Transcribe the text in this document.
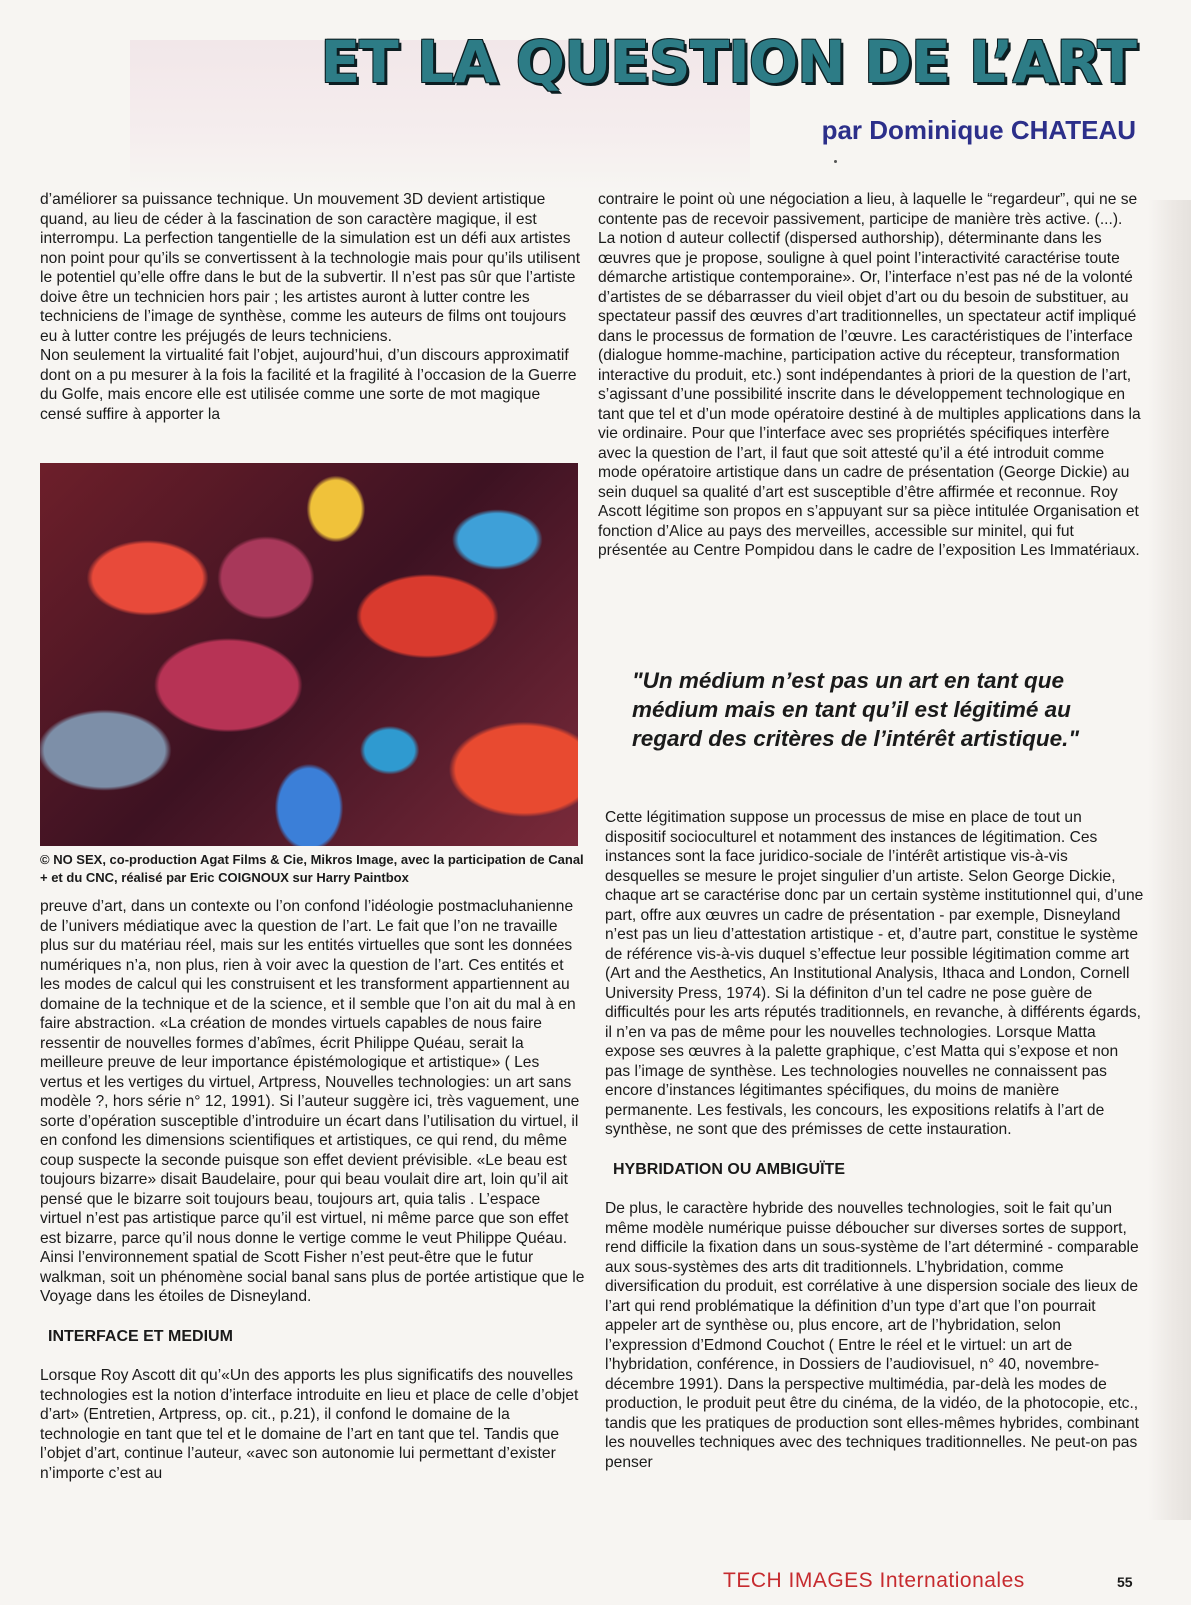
ET LA QUESTION DE L’ART
par Dominique CHATEAU

d’améliorer sa puissance technique. Un mouvement 3D devient artistique quand, au lieu de céder à la fascination de son caractère magique, il est interrompu. La perfection tangentielle de la simulation est un défi aux artistes non point pour qu’ils se convertissent à la technologie mais pour qu’ils utilisent le potentiel qu’elle offre dans le but de la subvertir. Il n’est pas sûr que l’artiste doive être un technicien hors pair ; les artistes auront à lutter contre les techniciens de l’image de synthèse, comme les auteurs de films ont toujours eu à lutter contre les préjugés de leurs techniciens.

Non seulement la virtualité fait l’objet, aujourd’hui, d’un discours approximatif dont on a pu mesurer à la fois la facilité et la fragilité à l’occasion de la Guerre du Golfe, mais encore elle est utilisée comme une sorte de mot magique censé suffire à apporter la

© NO SEX, co-production Agat Films & Cie, Mikros Image, avec la participation de Canal + et du CNC, réalisé par Eric COIGNOUX sur Harry Paintbox

preuve d’art, dans un contexte ou l’on confond l’idéologie postmacluhanienne de l’univers médiatique avec la question de l’art. Le fait que l’on ne travaille plus sur du matériau réel, mais sur les entités virtuelles que sont les données numériques n’a, non plus, rien à voir avec la question de l’art. Ces entités et les modes de calcul qui les construisent et les transforment appartiennent au domaine de la technique et de la science, et il semble que l’on ait du mal à en faire abstraction. «La création de mondes virtuels capables de nous faire ressentir de nouvelles formes d’abîmes, écrit Philippe Quéau, serait la meilleure preuve de leur importance épistémologique et artistique» ( Les vertus et les vertiges du virtuel, Artpress, Nouvelles technologies: un art sans modèle ?, hors série n° 12, 1991). Si l’auteur suggère ici, très vaguement, une sorte d’opération susceptible d’introduire un écart dans l’utilisation du virtuel, il en confond les dimensions scientifiques et artistiques, ce qui rend, du même coup suspecte la seconde puisque son effet devient prévisible. «Le beau est toujours bizarre» disait Baudelaire, pour qui beau voulait dire art, loin qu’il ait pensé que le bizarre soit toujours beau, toujours art, quia talis . L’espace virtuel n’est pas artistique parce qu’il est virtuel, ni même parce que son effet est bizarre, parce qu’il nous donne le vertige comme le veut Philippe Quéau. Ainsi l’environnement spatial de Scott Fisher n’est peut-être que le futur walkman, soit un phénomène social banal sans plus de portée artistique que le Voyage dans les étoiles de Disneyland.

INTERFACE ET MEDIUM

Lorsque Roy Ascott dit qu’«Un des apports les plus significatifs des nouvelles technologies est la notion d’interface introduite en lieu et place de celle d’objet d’art» (Entretien, Artpress, op. cit., p.21), il confond le domaine de la technologie en tant que tel et le domaine de l’art en tant que tel. Tandis que l’objet d’art, continue l’auteur, «avec son autonomie lui permettant d’exister n’importe c’est au

contraire le point où une négociation a lieu, à laquelle le “regardeur”, qui ne se contente pas de recevoir passivement, participe de manière très active. (...). La notion d auteur collectif (dispersed authorship), déterminante dans les œuvres que je propose, souligne à quel point l’interactivité caractérise toute démarche artistique contemporaine». Or, l’interface n’est pas né de la volonté d’artistes de se débarrasser du vieil objet d’art ou du besoin de substituer, au spectateur passif des œuvres d’art traditionnelles, un spectateur actif impliqué dans le processus de formation de l’œuvre. Les caractéristiques de l’interface (dialogue homme-machine, participation active du récepteur, transformation interactive du produit, etc.) sont indépendantes à priori de la question de l’art, s’agissant d’une possibilité inscrite dans le développement technologique en tant que tel et d’un mode opératoire destiné à de multiples applications dans la vie ordinaire. Pour que l’interface avec ses propriétés spécifiques interfère avec la question de l’art, il faut que soit attesté qu’il a été introduit comme mode opératoire artistique dans un cadre de présentation (George Dickie) au sein duquel sa qualité d’art est susceptible d’être affirmée et reconnue. Roy Ascott légitime son propos en s’appuyant sur sa pièce intitulée Organisation et fonction d’Alice au pays des merveilles, accessible sur minitel, qui fut présentée au Centre Pompidou dans le cadre de l’exposition Les Immatériaux.

"Un médium n’est pas un art en tant que médium mais en tant qu’il est légitimé au regard des critères de l’intérêt artistique."

Cette légitimation suppose un processus de mise en place de tout un dispositif socioculturel et notamment des instances de légitimation. Ces instances sont la face juridico-sociale de l’intérêt artistique vis-à-vis desquelles se mesure le projet singulier d’un artiste. Selon George Dickie, chaque art se caractérise donc par un certain système institutionnel qui, d’une part, offre aux œuvres un cadre de présentation - par exemple, Disneyland n’est pas un lieu d’attestation artistique - et, d’autre part, constitue le système de référence vis-à-vis duquel s’effectue leur possible légitimation comme art (Art and the Aesthetics, An Institutional Analysis, Ithaca and London, Cornell University Press, 1974). Si la définiton d’un tel cadre ne pose guère de difficultés pour les arts réputés traditionnels, en revanche, à différents égards, il n’en va pas de même pour les nouvelles technologies. Lorsque Matta expose ses œuvres à la palette graphique, c’est Matta qui s’expose et non pas l’image de synthèse. Les technologies nouvelles ne connaissent pas encore d’instances légitimantes spécifiques, du moins de manière permanente. Les festivals, les concours, les expositions relatifs à l’art de synthèse, ne sont que des prémisses de cette instauration.

HYBRIDATION OU AMBIGUÏTE

De plus, le caractère hybride des nouvelles technologies, soit le fait qu’un même modèle numérique puisse déboucher sur diverses sortes de support, rend difficile la fixation dans un sous-système de l’art déterminé - comparable aux sous-systèmes des arts dit traditionnels. L’hybridation, comme diversification du produit, est corrélative à une dispersion sociale des lieux de l’art qui rend problématique la définition d’un type d’art que l’on pourrait appeler art de synthèse ou, plus encore, art de l’hybridation, selon l’expression d’Edmond Couchot ( Entre le réel et le virtuel: un art de l’hybridation, conférence, in Dossiers de l’audiovisuel, n° 40, novembre-décembre 1991). Dans la perspective multimédia, par-delà les modes de production, le produit peut être du cinéma, de la vidéo, de la photocopie, etc., tandis que les pratiques de production sont elles-mêmes hybrides, combinant les nouvelles techniques avec des techniques traditionnelles. Ne peut-on pas penser

TECH IMAGES Internationales	55
